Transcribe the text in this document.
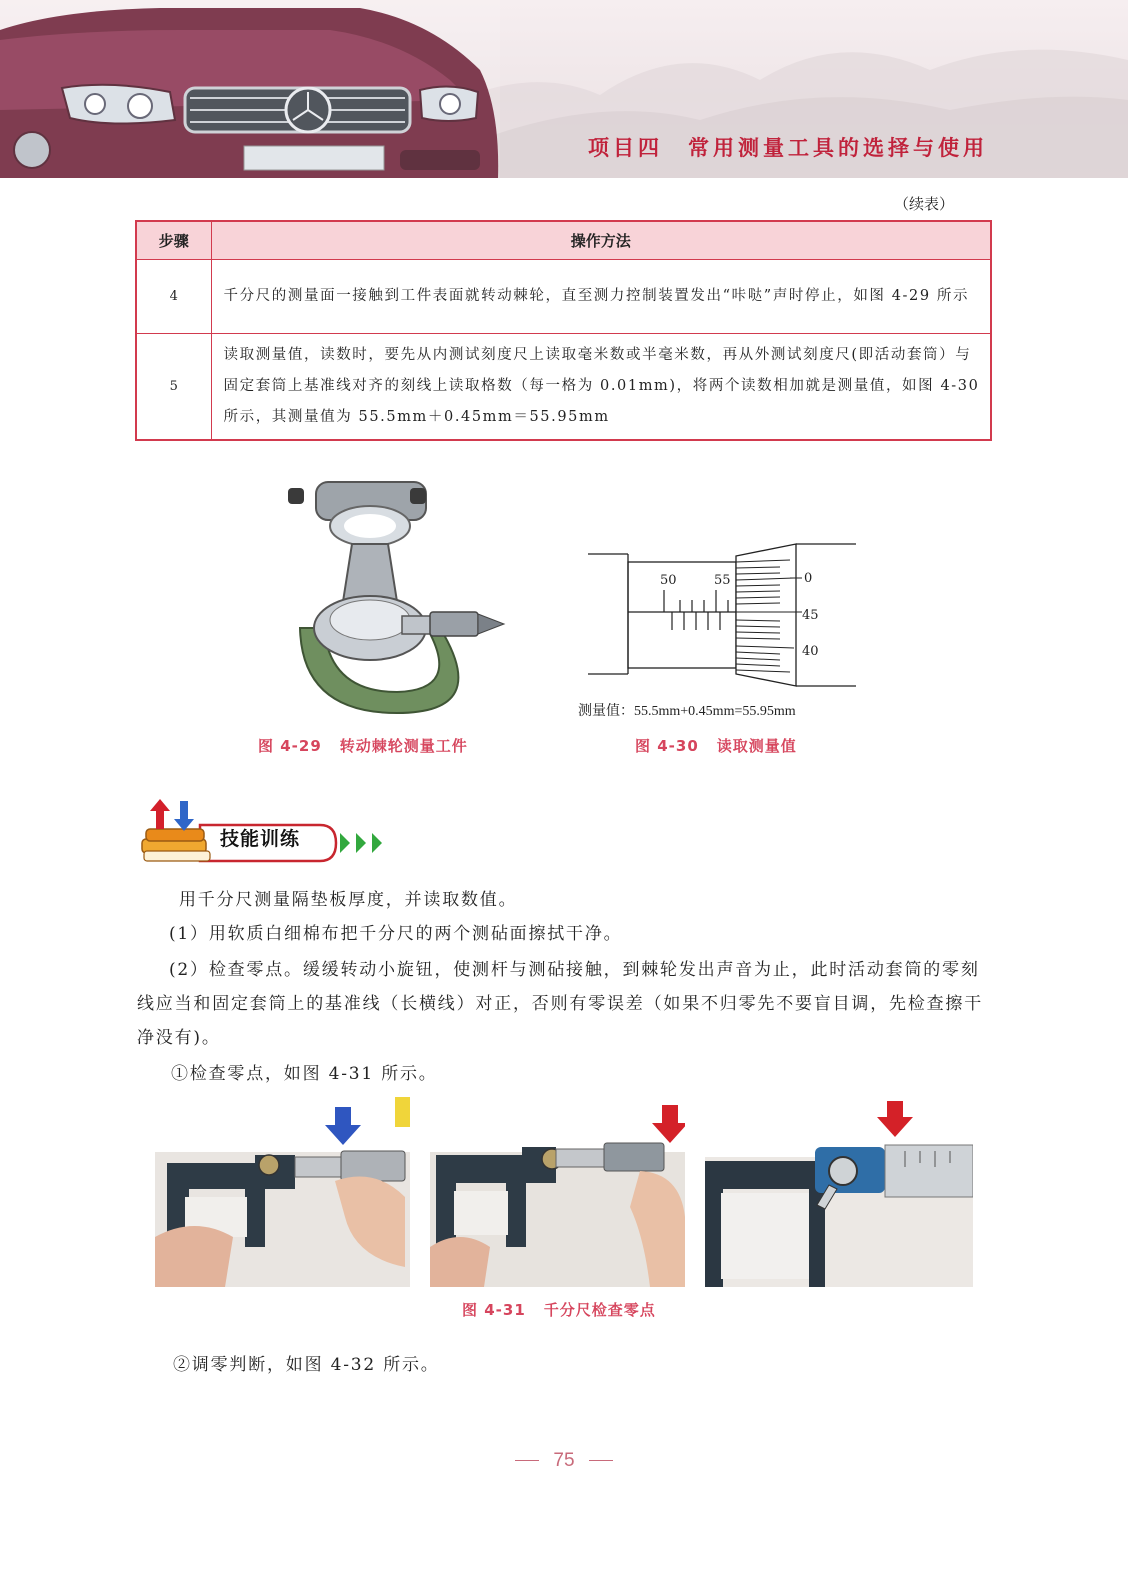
项目四　常用测量工具的选择与使用
（续表）
步骤	操作方法
4	千分尺的测量面一接触到工件表面就转动棘轮，直至测力控制装置发出“咔哒”声时停止，如图 4-29 所示
5	读取测量值，读数时，要先从内测试刻度尺上读取毫米数或半毫米数，再从外测试刻度尺(即活动套筒）与固定套筒上基准线对齐的刻线上读取格数（每一格为 0.01mm)，将两个读数相加就是测量值，如图 4-30 所示，其测量值为 55.5mm＋0.45mm＝55.95mm
图 4-29 转动棘轮测量工件
50	55	0
45
40
测量值：55.5mm+0.45mm=55.95mm
图 4-30 读取测量值
技能训练
用千分尺测量隔垫板厚度，并读取数值。
(1）用软质白细棉布把千分尺的两个测砧面擦拭干净。
(2）检查零点。缓缓转动小旋钮，使测杆与测砧接触，到棘轮发出声音为止，此时活动套筒的零刻线应当和固定套筒上的基准线（长横线）对正，否则有零误差（如果不归零先不要盲目调，先检查擦干净没有)。
①检查零点，如图 4-31 所示。
图 4-31 千分尺检查零点
②调零判断，如图 4-32 所示。
75
